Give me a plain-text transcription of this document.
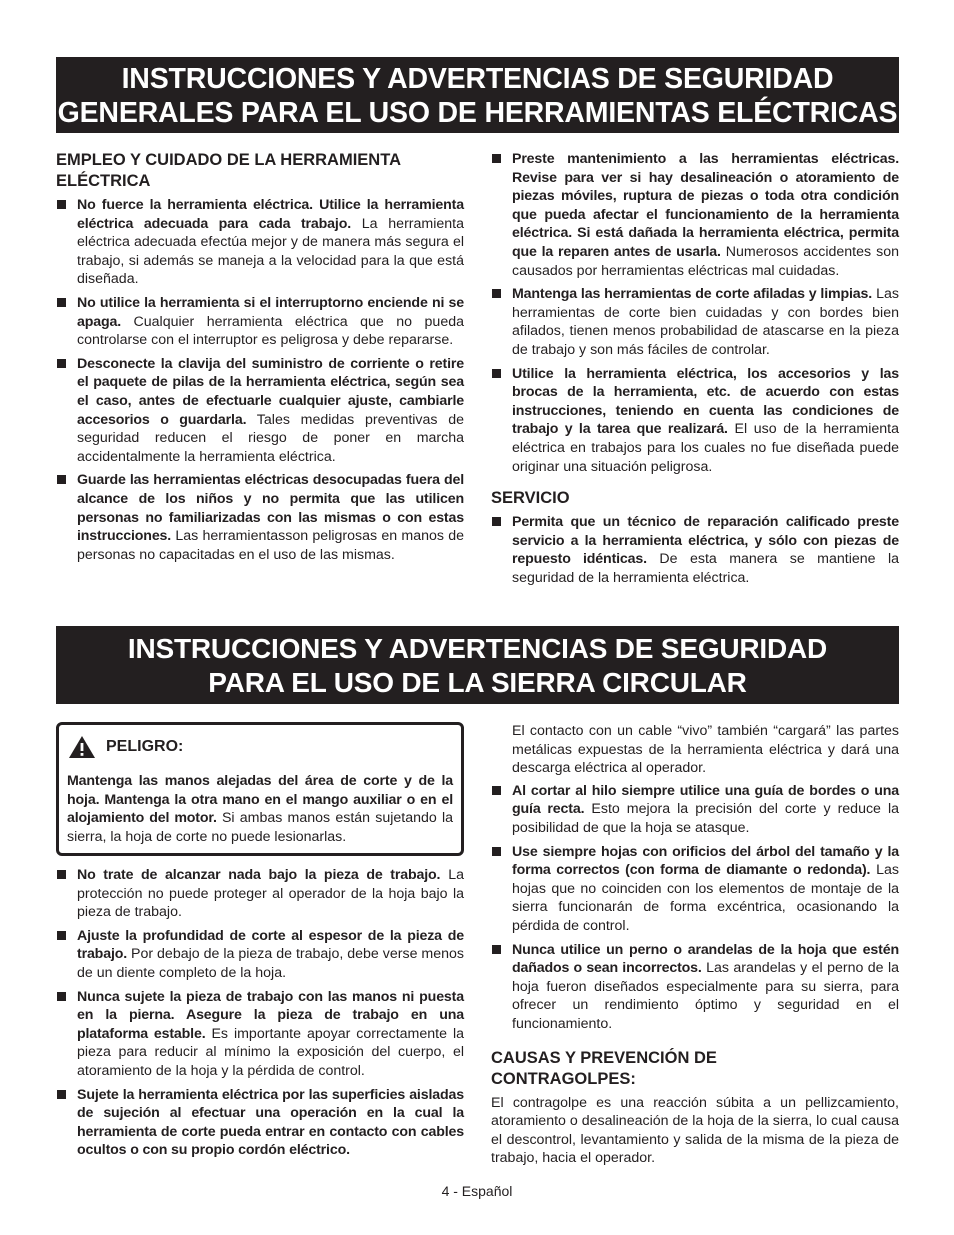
INSTRUCCIONES Y ADVERTENCIAS DE SEGURIDAD
GENERALES PARA EL USO DE HERRAMIENTAS ELÉCTRICAS
EMPLEO Y CUIDADO DE LA HERRAMIENTA
ELÉCTRICA
No fuerce la herramienta eléctrica. Utilice la herramienta eléctrica adecuada para cada trabajo. La herramienta eléctrica adecuada efectúa mejor y de manera más segura el trabajo, si además se maneja a la velocidad para la que está diseñada.
No utilice la herramienta si el interruptorno enciende ni se apaga. Cualquier herramienta eléctrica que no pueda controlarse con el interruptor es peligrosa y debe repararse.
Desconecte la clavija del suministro de corriente o retire el paquete de pilas de la herramienta eléctrica, según sea el caso, antes de efectuarle cualquier ajuste, cambiarle accesorios o guardarla. Tales medidas preventivas de seguridad reducen el riesgo de poner en marcha accidentalmente la herramienta eléctrica.
Guarde las herramientas eléctricas desocupadas fuera del alcance de los niños y no permita que las utilicen personas no familiarizadas con las mismas o con estas instrucciones. Las herramientasson peligrosas en manos de personas no capacitadas en el uso de las mismas.
Preste mantenimiento a las herramientas eléctricas. Revise para ver si hay desalineación o atoramiento de piezas móviles, ruptura de piezas o toda otra condición que pueda afectar el funcionamiento de la herramienta eléctrica. Si está dañada la herramienta eléctrica, permita que la reparen antes de usarla. Numerosos accidentes son causados por herramientas eléctricas mal cuidadas.
Mantenga las herramientas de corte afiladas y limpias. Las herramientas de corte bien cuidadas y con bordes bien afilados, tienen menos probabilidad de atascarse en la pieza de trabajo y son más fáciles de controlar.
Utilice la herramienta eléctrica, los accesorios y las brocas de la herramienta, etc. de acuerdo con estas instrucciones, teniendo en cuenta las condiciones de trabajo y la tarea que realizará. El uso de la herramienta eléctrica en trabajos para los cuales no fue diseñada puede originar una situación peligrosa.
SERVICIO
Permita que un técnico de reparación calificado preste servicio a la herramienta eléctrica, y sólo con piezas de repuesto idénticas. De esta manera se mantiene la seguridad de la herramienta eléctrica.
INSTRUCCIONES Y ADVERTENCIAS DE SEGURIDAD
PARA EL USO DE LA SIERRA CIRCULAR
PELIGRO:
Mantenga las manos alejadas del área de corte y de la hoja. Mantenga la otra mano en el mango auxiliar o en el alojamiento del motor. Si ambas manos están sujetando la sierra, la hoja de corte no puede lesionarlas.
No trate de alcanzar nada bajo la pieza de trabajo. La protección no puede proteger al operador de la hoja bajo la pieza de trabajo.
Ajuste la profundidad de corte al espesor de la pieza de trabajo. Por debajo de la pieza de trabajo, debe verse menos de un diente completo de la hoja.
Nunca sujete la pieza de trabajo con las manos ni puesta en la pierna. Asegure la pieza de trabajo en una plataforma estable. Es importante apoyar correctamente la pieza para reducir al mínimo la exposición del cuerpo, el atoramiento de la hoja y la pérdida de control.
Sujete la herramienta eléctrica por las superficies aisladas de sujeción al efectuar una operación en la cual la herramienta de corte pueda entrar en contacto con cables ocultos o con su propio cordón eléctrico.

El contacto con un cable “vivo” también “cargará” las partes metálicas expuestas de la herramienta eléctrica y dará una descarga eléctrica al operador.

Al cortar al hilo siempre utilice una guía de bordes o una guía recta. Esto mejora la precisión del corte y reduce la posibilidad de que la hoja se atasque.
Use siempre hojas con orificios del árbol del tamaño y la forma correctos (con forma de diamante o redonda). Las hojas que no coinciden con los elementos de montaje de la sierra funcionarán de forma excéntrica, ocasionando la pérdida de control.
Nunca utilice un perno o arandelas de la hoja que estén dañados o sean incorrectos. Las arandelas y el perno de la hoja fueron diseñados especialmente para su sierra, para ofrecer un rendimiento óptimo y seguridad en el funcionamiento.
CAUSAS Y PREVENCIÓN DE
CONTRAGOLPES:

El contragolpe es una reacción súbita a un pellizcamiento, atoramiento o desalineación de la hoja de la sierra, lo cual causa el descontrol, levantamiento y salida de la misma de la pieza de trabajo, hacia el operador.

4 - Español
